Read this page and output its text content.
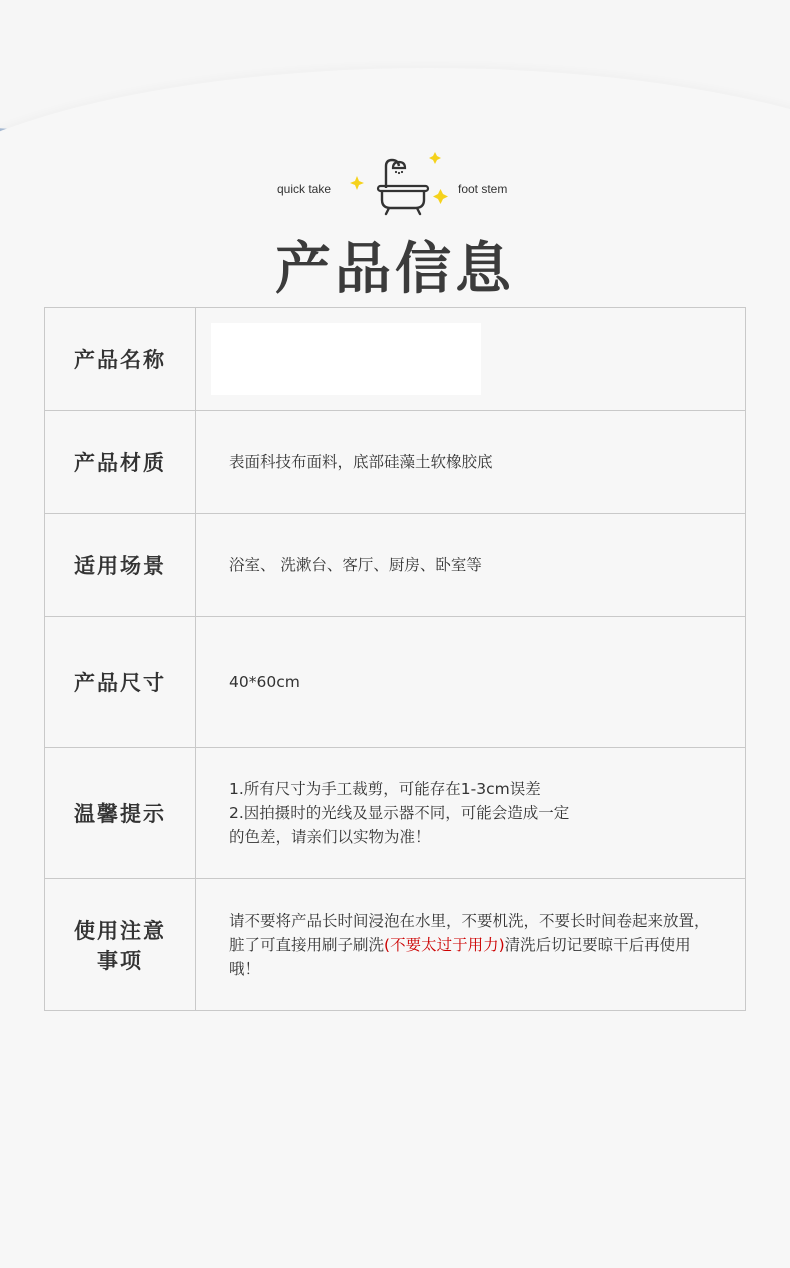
quick take	foot stem
产品信息
产品名称	

产品材质	表面科技布面料，底部硅藻土软橡胶底
适用场景	浴室、 洗漱台、客厅、厨房、卧室等
产品尺寸	40*60cm
温馨提示	1.所有尺寸为手工裁剪，可能存在1-3cm误差
2.因拍摄时的光线及显示器不同，可能会造成一定
的色差，请亲们以实物为准！

使用注意
事项	请不要将产品长时间浸泡在水里，不要机洗，不要长时间卷起来放置，脏了可直接用刷子刷洗(不要太过于用力)清洗后切记要晾干后再使用哦！
